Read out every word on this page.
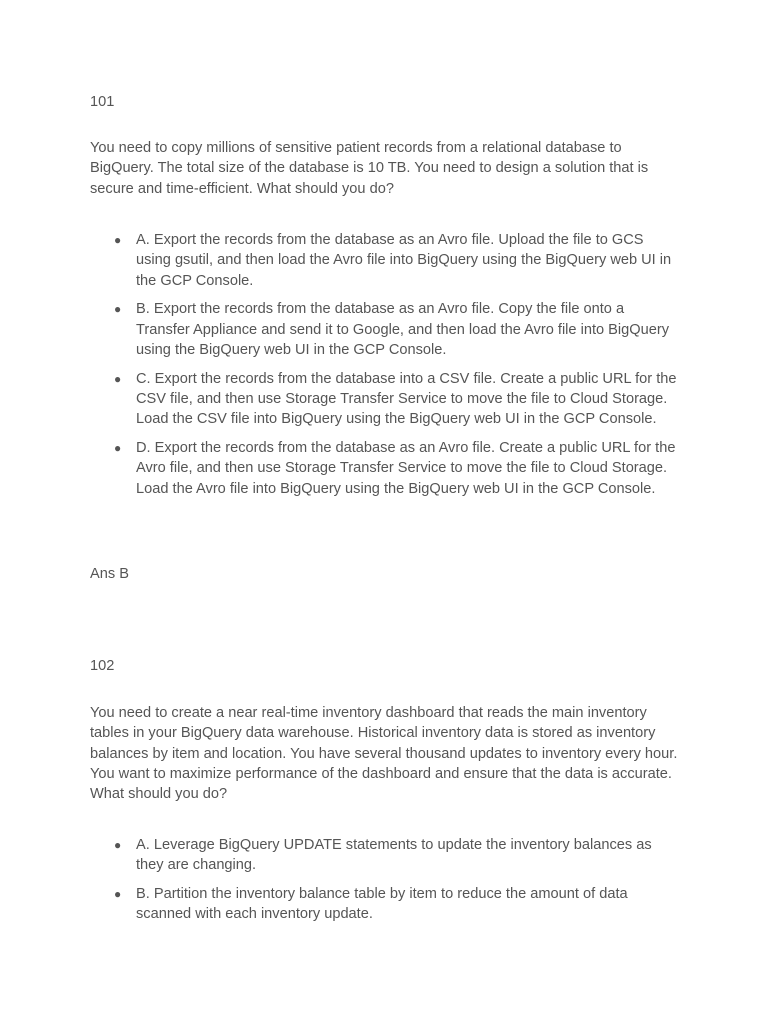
101

You need to copy millions of sensitive patient records from a relational database to BigQuery. The total size of the database is 10 TB. You need to design a solution that is secure and time-efficient. What should you do?

● A. Export the records from the database as an Avro file. Upload the file to GCS using gsutil, and then load the Avro file into BigQuery using the BigQuery web UI in the GCP Console.
● B. Export the records from the database as an Avro file. Copy the file onto a Transfer Appliance and send it to Google, and then load the Avro file into BigQuery using the BigQuery web UI in the GCP Console.
● C. Export the records from the database into a CSV file. Create a public URL for the CSV file, and then use Storage Transfer Service to move the file to Cloud Storage. Load the CSV file into BigQuery using the BigQuery web UI in the GCP Console.
● D. Export the records from the database as an Avro file. Create a public URL for the Avro file, and then use Storage Transfer Service to move the file to Cloud Storage. Load the Avro file into BigQuery using the BigQuery web UI in the GCP Console.

Ans B

102

You need to create a near real-time inventory dashboard that reads the main inventory tables in your BigQuery data warehouse. Historical inventory data is stored as inventory balances by item and location. You have several thousand updates to inventory every hour. You want to maximize performance of the dashboard and ensure that the data is accurate. What should you do?

● A. Leverage BigQuery UPDATE statements to update the inventory balances as they are changing.
● B. Partition the inventory balance table by item to reduce the amount of data scanned with each inventory update.
